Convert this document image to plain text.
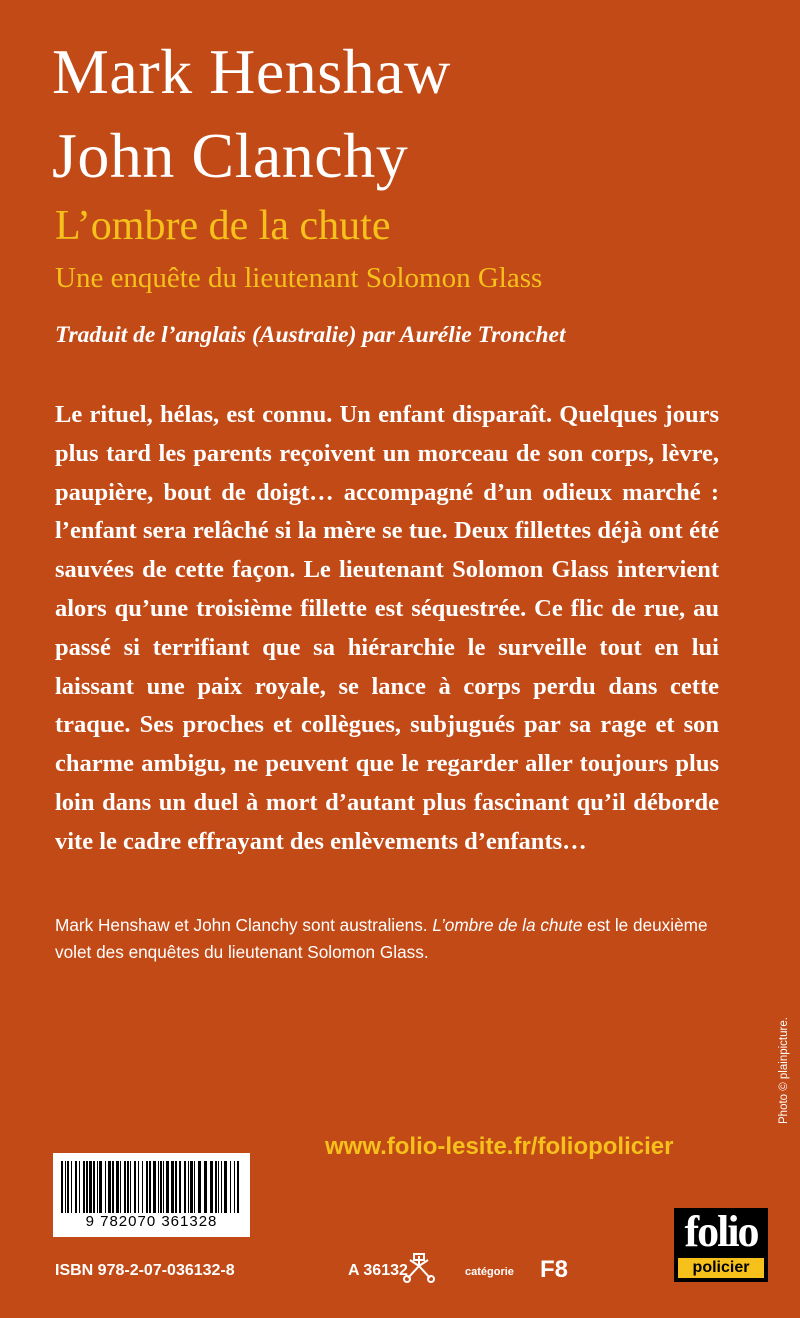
Mark Henshaw
John Clanchy
L’ombre de la chute

Une enquête du lieutenant Solomon Glass

Traduit de l’anglais (Australie) par Aurélie Tronchet

Le rituel, hélas, est connu. Un enfant disparaît. Quelques jours plus tard les parents reçoivent un morceau de son corps, lèvre, paupière, bout de doigt… accompagné d’un odieux marché : l’enfant sera relâché si la mère se tue. Deux fillettes déjà ont été sauvées de cette façon. Le lieutenant Solomon Glass intervient alors qu’une troisième fillette est séquestrée. Ce flic de rue, au passé si terrifiant que sa hiérarchie le surveille tout en lui laissant une paix royale, se lance à corps perdu dans cette traque. Ses proches et collègues, subjugués par sa rage et son charme ambigu, ne peuvent que le regarder aller toujours plus loin dans un duel à mort d’autant plus fascinant qu’il déborde vite le cadre effrayant des enlèvements d’enfants…

Mark Henshaw et John Clanchy sont australiens. L’ombre de la chute est le deuxième volet des enquêtes du lieutenant Solomon Glass.

Photo © plainpicture.
www.folio-lesite.fr/foliopolicier
9 782070 361328
ISBN 978-2-07-036132-8	A 36132	catégorie F8
folio
policier
